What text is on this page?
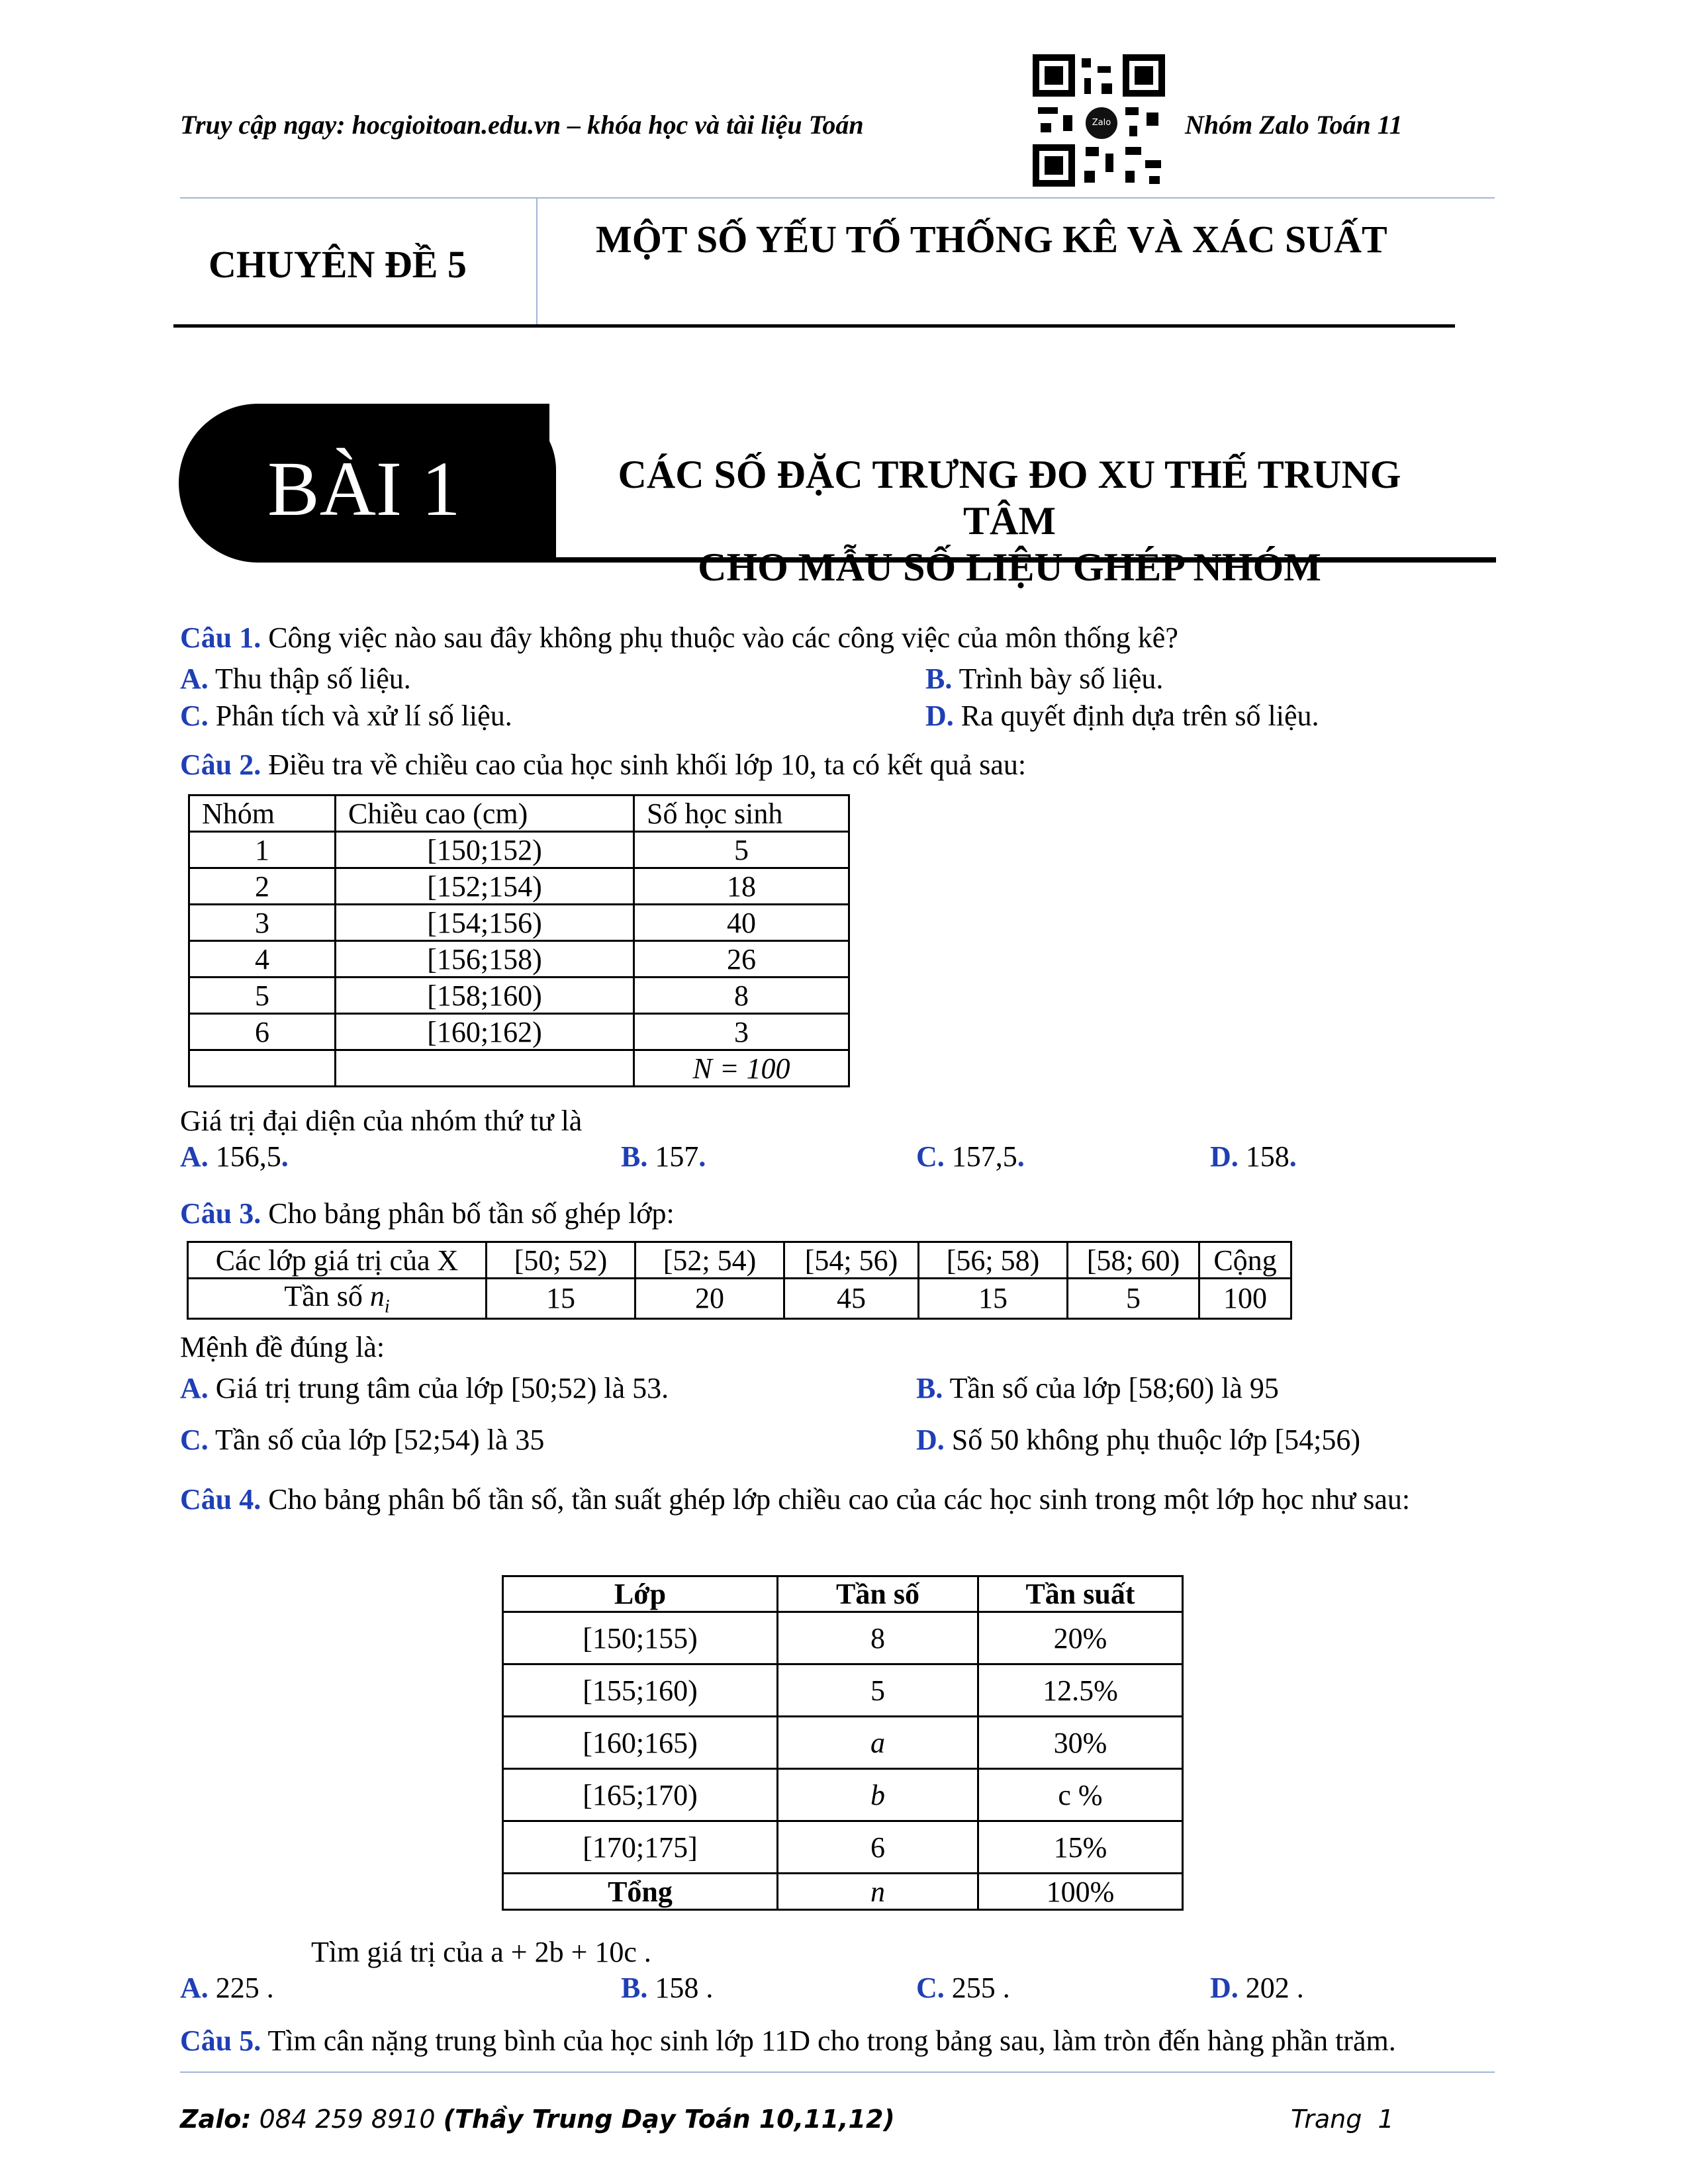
Truy cập ngay: hocgioitoan.edu.vn – khóa học và tài liệu Toán	Zalo	Nhóm Zalo Toán 11
CHUYÊN ĐỀ 5
MỘT SỐ YẾU TỐ THỐNG KÊ VÀ XÁC SUẤT
BÀI 1	CÁC SỐ ĐẶC TRƯNG ĐO XU THẾ TRUNG TÂM
CHO MẪU SỐ LIỆU GHÉP NHÓM
Câu 1. Công việc nào sau đây không phụ thuộc vào các công việc của môn thống kê?
A. Thu thập số liệu.	B. Trình bày số liệu.
C. Phân tích và xử lí số liệu.	D. Ra quyết định dựa trên số liệu.
Câu 2. Điều tra về chiều cao của học sinh khối lớp 10, ta có kết quả sau:
Nhóm	Chiều cao (cm)	Số học sinh
1	[150;152)	5
2	[152;154)	18
3	[154;156)	40
4	[156;158)	26
5	[158;160)	8
6	[160;162)	3
		N = 100
Giá trị đại diện của nhóm thứ tư là
A. 156,5.	B. 157.	C. 157,5.	D. 158.
Câu 3. Cho bảng phân bố tần số ghép lớp:
Các lớp giá trị của X	[50; 52)	[52; 54)	[54; 56)	[56; 58)	[58; 60)	Cộng
Tần số $n_i$	15	20	45	15	5	100
Mệnh đề đúng là:
A. Giá trị trung tâm của lớp [50;52) là 53.	B. Tần số của lớp [58;60) là 95
C. Tần số của lớp [52;54) là 35	D. Số 50 không phụ thuộc lớp [54;56)
Câu 4. Cho bảng phân bố tần số, tần suất ghép lớp chiều cao của các học sinh trong một lớp học như sau:
Lớp	Tần số	Tần suất
[150;155)	8	20%
[155;160)	5	12.5%
[160;165)	a	30%
[165;170)	b	c %
[170;175]	6	15%
Tổng	n	100%
Tìm giá trị của a + 2b + 10c .
A. 225 .	B. 158 .	C. 255 .	D. 202 .
Câu 5. Tìm cân nặng trung bình của học sinh lớp 11D cho trong bảng sau, làm tròn đến hàng phần trăm.
Zalo: 084 259 8910 (Thầy Trung Dạy Toán 10,11,12)	Trang  1
